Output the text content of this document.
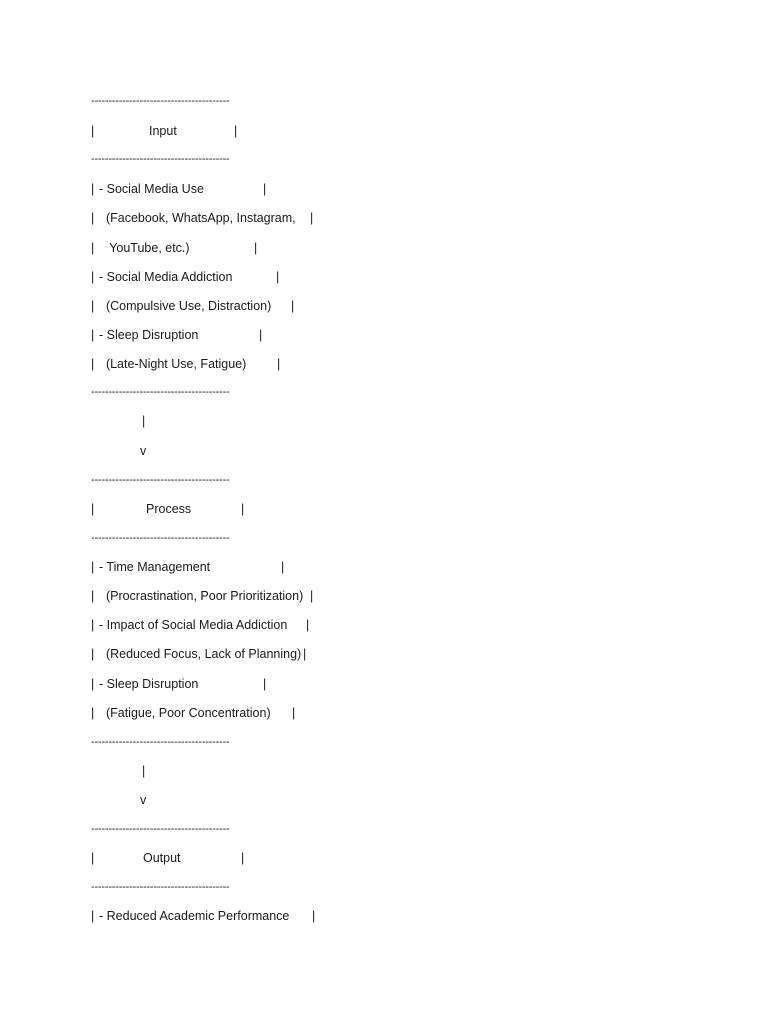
----------------------------------------
|	Input	|
----------------------------------------
| - Social Media Use	|
| (Facebook, WhatsApp, Instagram, |
| YouTube, etc.)	|
| - Social Media Addiction	|
| (Compulsive Use, Distraction) |
| - Sleep Disruption	|
| (Late-Night Use, Fatigue) |
----------------------------------------
|
v
----------------------------------------
|	Process	|
----------------------------------------
| - Time Management	|
| (Procrastination, Poor Prioritization) |
| - Impact of Social Media Addiction |
| (Reduced Focus, Lack of Planning) |
| - Sleep Disruption	|
| (Fatigue, Poor Concentration) |
----------------------------------------
|
v
----------------------------------------
|	Output	|
----------------------------------------
| - Reduced Academic Performance |
